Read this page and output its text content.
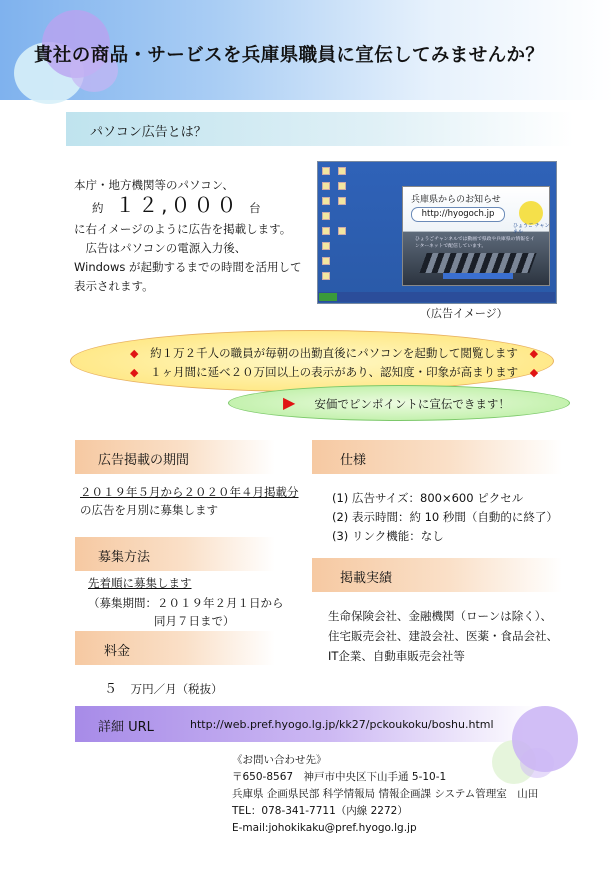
貴社の商品・サービスを兵庫県職員に宣伝してみませんか？
パソコン広告とは？
本庁・地方機関等のパソコン、
約 １２,０００ 台
に右イメージのように広告を掲載します。
　広告はパソコンの電源入力後、
Windows が起動するまでの時間を活用して
表示されます。
兵庫県からのお知らせ
http://hyogoch.jp
ひょうご チャンネル
ひょうごチャンネルでは動画で県政や兵庫県の情報をインターネットで配信しています。
（広告イメージ）
◆ 約１万２千人の職員が毎朝の出勤直後にパソコンを起動して閲覧します ◆
◆ １ヶ月間に延べ２０万回以上の表示があり、認知度・印象が高まります ◆
▶ 安価でピンポイントに宣伝できます！
広告掲載の期間
２０１９年５月から２０２０年４月掲載分
の広告を月別に募集します
募集方法
先着順に募集します
（募集期間：２０１９年２月１日から
同月７日まで）
料金
５ 万円／月（税抜）
仕様
(1) 広告サイズ：800×600 ピクセル
(2) 表示時間：約 10 秒間（自動的に終了）
(3) リンク機能：なし
掲載実績
生命保険会社、金融機関（ローンは除く）、
住宅販売会社、建設会社、医薬・食品会社、
IT企業、自動車販売会社等
詳細 URL	http://web.pref.hyogo.lg.jp/kk27/pckoukoku/boshu.html
《お問い合わせ先》
〒650-8567　神戸市中央区下山手通 5-10-1
兵庫県 企画県民部 科学情報局 情報企画課 システム管理室　山田
TEL：078-341-7711（内線 2272）
E-mail:johokikaku@pref.hyogo.lg.jp
